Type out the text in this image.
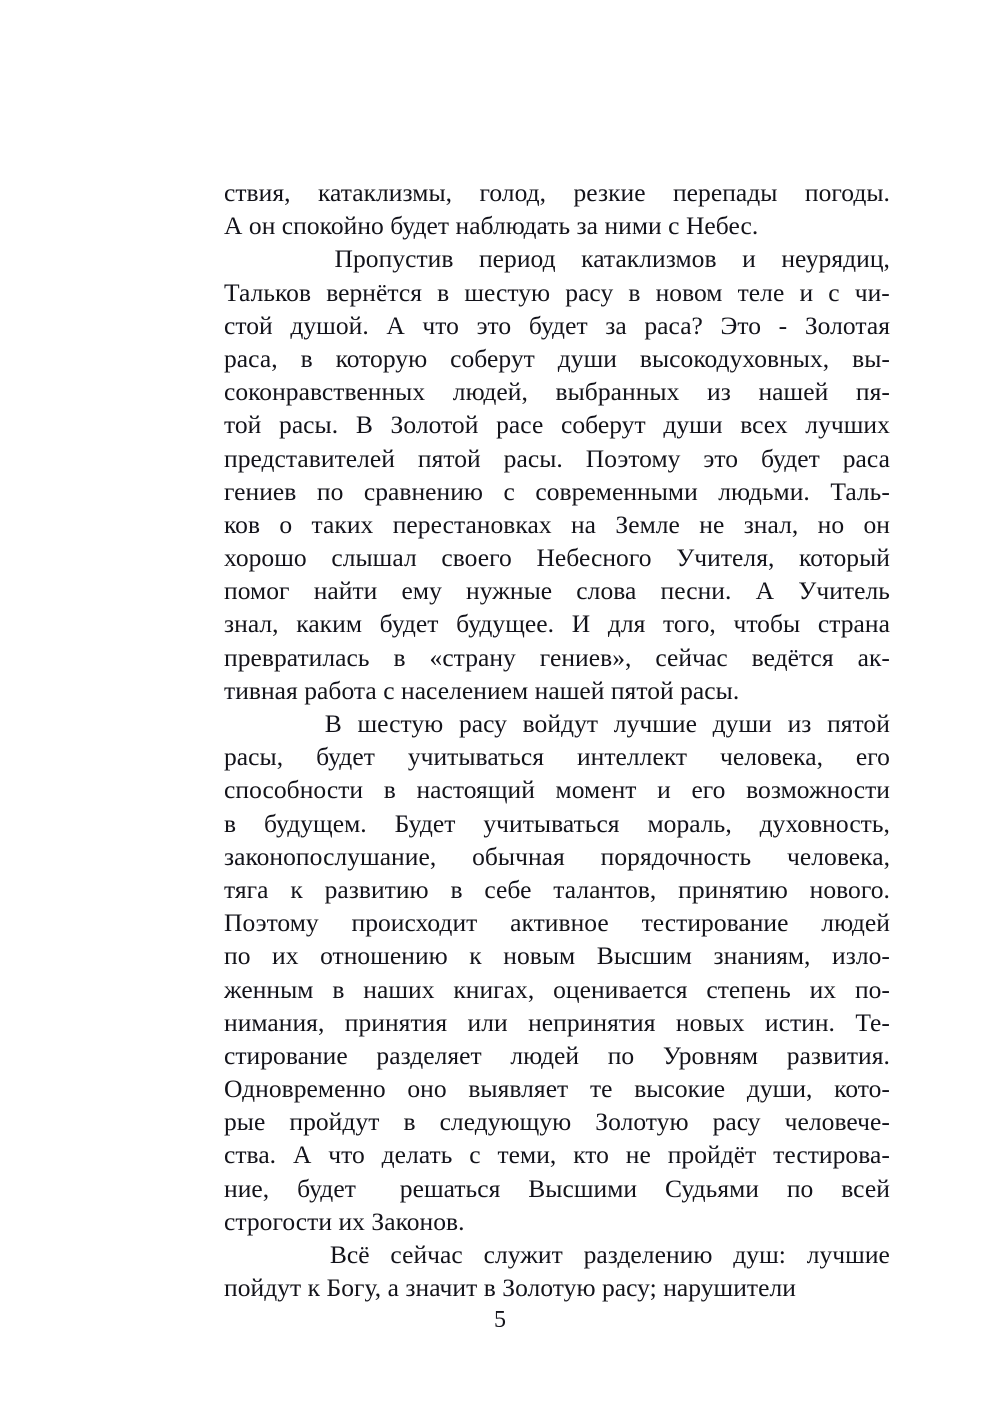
ствия, катаклизмы, голод, резкие перепады погоды.
А он спокойно будет наблюдать за ними с Небес.

Пропустив период катаклизмов и неурядиц,
Тальков вернётся в шестую расу в новом теле и с чи-
стой душой. А что это будет за раса? Это - Золотая
раса, в которую соберут души высокодуховных, вы-
соконравственных людей, выбранных из нашей пя-
той расы. В Золотой расе соберут души всех лучших
представителей пятой расы. Поэтому это будет раса
гениев по сравнению с современными людьми. Таль-
ков о таких перестановках на Земле не знал, но он
хорошо слышал своего Небесного Учителя, который
помог найти ему нужные слова песни. А Учитель
знал, каким будет будущее. И для того, чтобы страна
превратилась в «страну гениев», сейчас ведётся ак-
тивная работа с населением нашей пятой расы.

В шестую расу войдут лучшие души из пятой
расы, будет учитываться интеллект человека, его
способности в настоящий момент и его возможности
в будущем. Будет учитываться мораль, духовность,
законопослушание, обычная порядочность человека,
тяга к развитию в себе талантов, принятию нового.
Поэтому происходит активное тестирование людей
по их отношению к новым Высшим знаниям, изло-
женным в наших книгах, оценивается степень их по-
нимания, принятия или непринятия новых истин. Те-
стирование разделяет людей по Уровням развития.
Одновременно оно выявляет те высокие души, кото-
рые пройдут в следующую Золотую расу человече-
ства. А что делать с теми, кто не пройдёт тестирова-
ние, будет решаться Высшими Судьями по всей
строгости их Законов.

Всё сейчас служит разделению душ: лучшие
пойдут к Богу, а значит в Золотую расу; нарушители

5
